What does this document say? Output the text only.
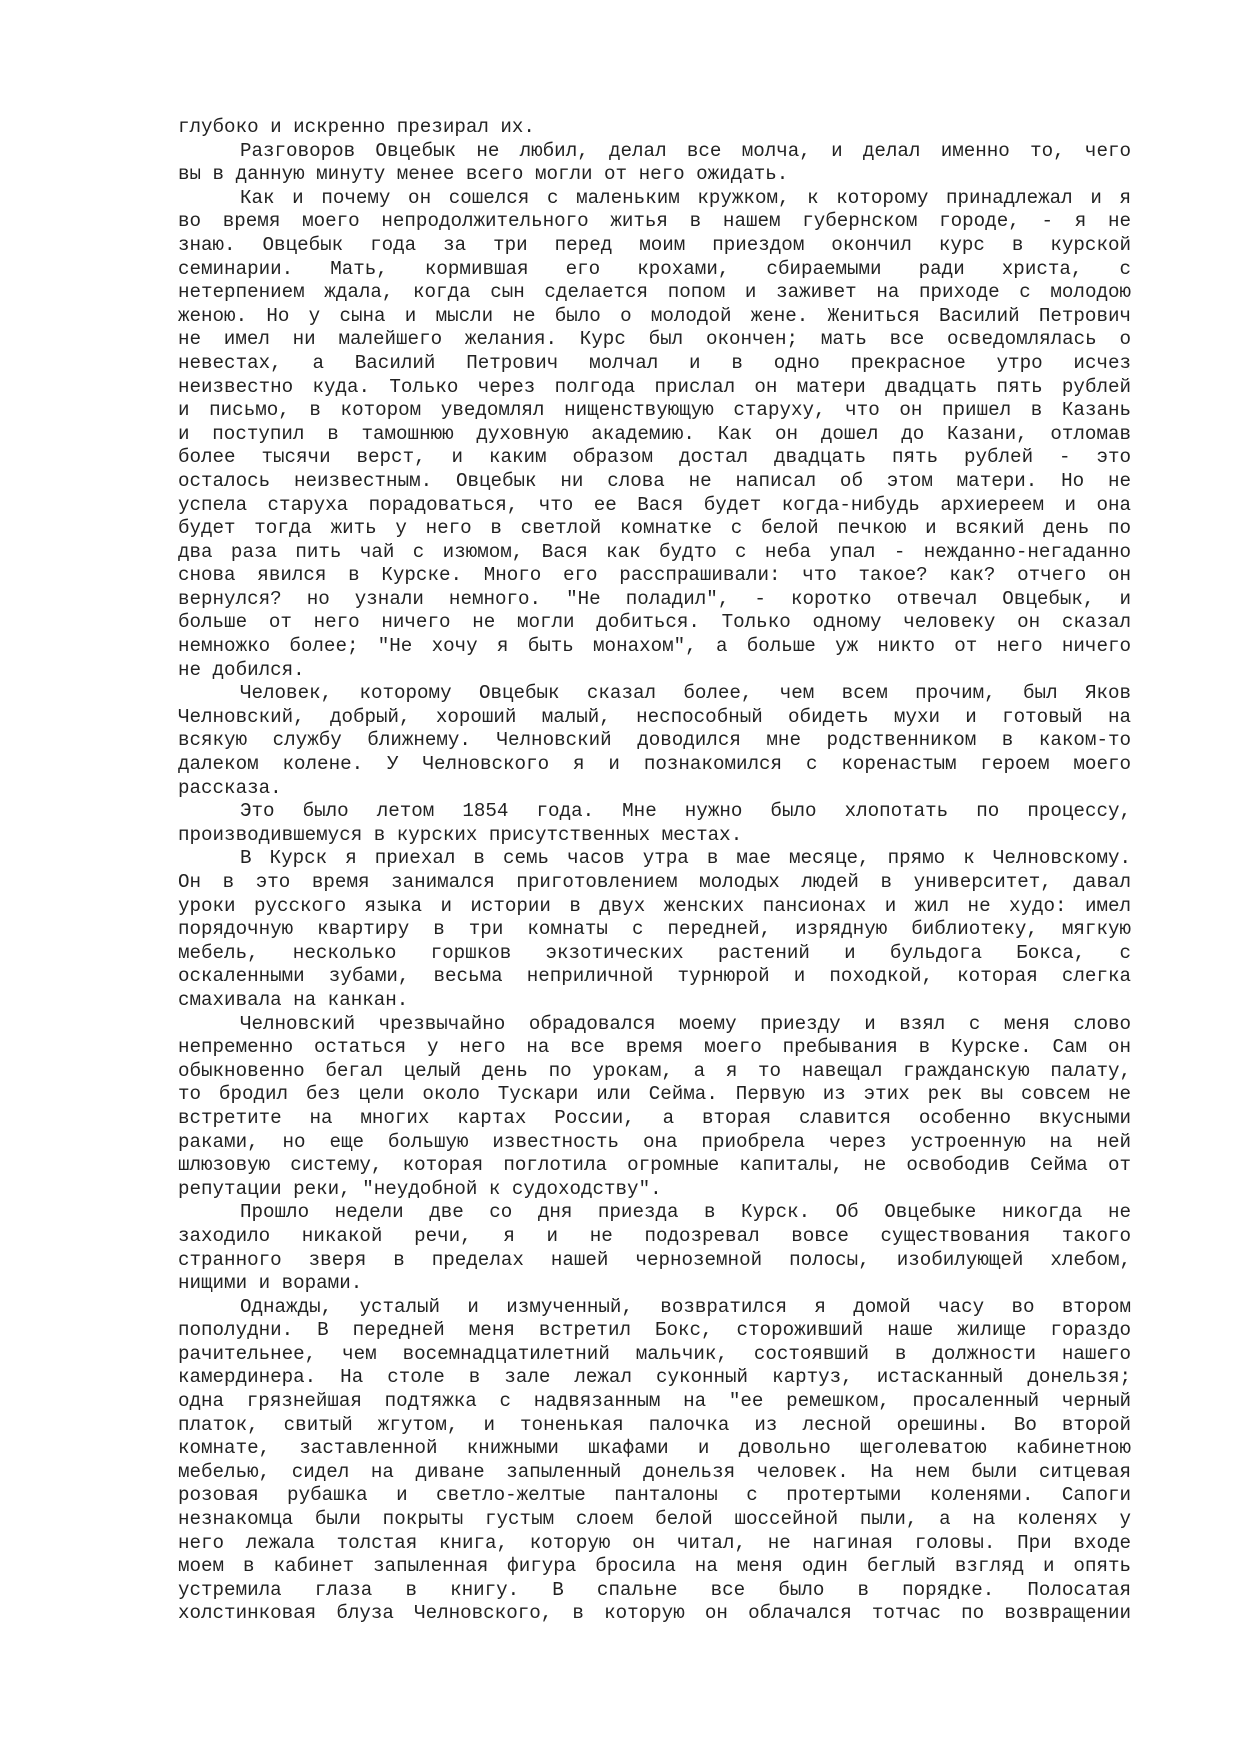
глубоко и искренно презирал их.
Разговоров Овцебык не любил, делал все молча, и делал именно то, чего
вы в данную минуту менее всего могли от него ожидать.
Как и почему он сошелся с маленьким кружком, к которому принадлежал и я
во время моего непродолжительного житья в нашем губернском городе, - я не
знаю. Овцебык года за три перед моим приездом окончил курс в курской
семинарии. Мать, кормившая его крохами, сбираемыми ради христа, с
нетерпением ждала, когда сын сделается попом и заживет на приходе с молодою
женою. Но у сына и мысли не было о молодой жене. Жениться Василий Петрович
не имел ни малейшего желания. Курс был окончен; мать все осведомлялась о
невестах, а Василий Петрович молчал и в одно прекрасное утро исчез
неизвестно куда. Только через полгода прислал он матери двадцать пять рублей
и письмо, в котором уведомлял нищенствующую старуху, что он пришел в Казань
и поступил в тамошнюю духовную академию. Как он дошел до Казани, отломав
более тысячи верст, и каким образом достал двадцать пять рублей - это
осталось неизвестным. Овцебык ни слова не написал об этом матери. Но не
успела старуха порадоваться, что ее Вася будет когда-нибудь архиереем и она
будет тогда жить у него в светлой комнатке с белой печкою и всякий день по
два раза пить чай с изюмом, Вася как будто с неба упал - нежданно-негаданно
снова явился в Курске. Много его расспрашивали: что такое? как? отчего он
вернулся? но узнали немного. "Не поладил", - коротко отвечал Овцебык, и
больше от него ничего не могли добиться. Только одному человеку он сказал
немножко более; "Не хочу я быть монахом", а больше уж никто от него ничего
не добился.
Человек, которому Овцебык сказал более, чем всем прочим, был Яков
Челновский, добрый, хороший малый, неспособный обидеть мухи и готовый на
всякую службу ближнему. Челновский доводился мне родственником в каком-то
далеком колене. У Челновского я и познакомился с коренастым героем моего
рассказа.
Это было летом 1854 года. Мне нужно было хлопотать по процессу,
производившемуся в курских присутственных местах.
В Курск я приехал в семь часов утра в мае месяце, прямо к Челновскому.
Он в это время занимался приготовлением молодых людей в университет, давал
уроки русского языка и истории в двух женских пансионах и жил не худо: имел
порядочную квартиру в три комнаты с передней, изрядную библиотеку, мягкую
мебель, несколько горшков экзотических растений и бульдога Бокса, с
оскаленными зубами, весьма неприличной турнюрой и походкой, которая слегка
смахивала на канкан.
Челновский чрезвычайно обрадовался моему приезду и взял с меня слово
непременно остаться у него на все время моего пребывания в Курске. Сам он
обыкновенно бегал целый день по урокам, а я то навещал гражданскую палату,
то бродил без цели около Тускари или Сейма. Первую из этих рек вы совсем не
встретите на многих картах России, а вторая славится особенно вкусными
раками, но еще большую известность она приобрела через устроенную на ней
шлюзовую систему, которая поглотила огромные капиталы, не освободив Сейма от
репутации реки, "неудобной к судоходству".
Прошло недели две со дня приезда в Курск. Об Овцебыке никогда не
заходило никакой речи, я и не подозревал вовсе существования такого
странного зверя в пределах нашей черноземной полосы, изобилующей хлебом,
нищими и ворами.
Однажды, усталый и измученный, возвратился я домой часу во втором
пополудни. В передней меня встретил Бокс, стороживший наше жилище гораздо
рачительнее, чем восемнадцатилетний мальчик, состоявший в должности нашего
камердинера. На столе в зале лежал суконный картуз, истасканный донельзя;
одна грязнейшая подтяжка с надвязанным на "ее ремешком, просаленный черный
платок, свитый жгутом, и тоненькая палочка из лесной орешины. Во второй
комнате, заставленной книжными шкафами и довольно щеголеватою кабинетною
мебелью, сидел на диване запыленный донельзя человек. На нем были ситцевая
розовая рубашка и светло-желтые панталоны с протертыми коленями. Сапоги
незнакомца были покрыты густым слоем белой шоссейной пыли, а на коленях у
него лежала толстая книга, которую он читал, не нагиная головы. При входе
моем в кабинет запыленная фигура бросила на меня один беглый взгляд и опять
устремила глаза в книгу. В спальне все было в порядке. Полосатая
холстинковая блуза Челновского, в которую он облачался тотчас по возвращении
